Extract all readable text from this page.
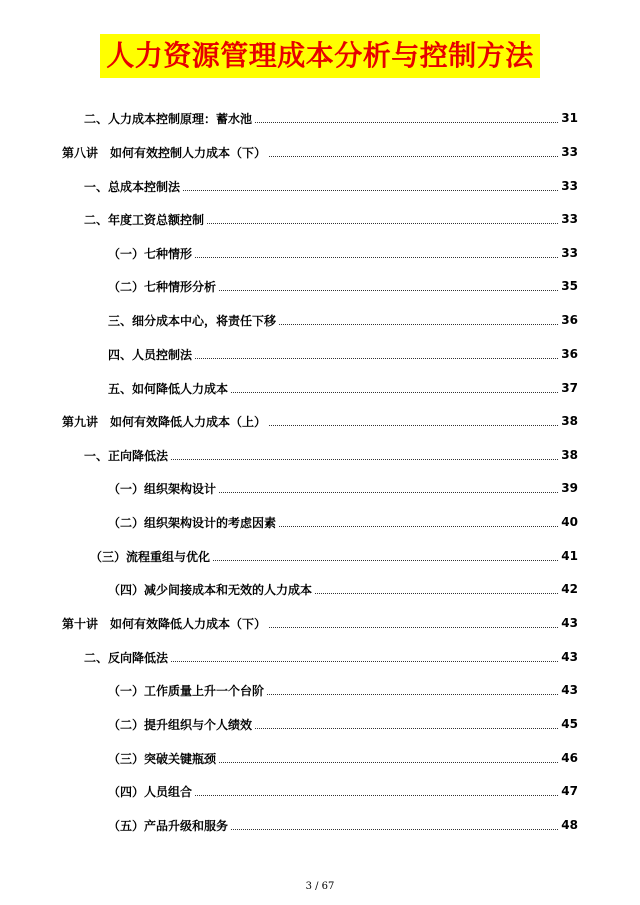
人力资源管理成本分析与控制方法
二、人力成本控制原理：蓄水池	31
第八讲　如何有效控制人力成本（下）	33
一、总成本控制法	33
二、年度工资总额控制	33
（一）七种情形	33
（二）七种情形分析	35
三、细分成本中心，将责任下移	36
四、人员控制法	36
五、如何降低人力成本	37
第九讲　如何有效降低人力成本（上）	38
一、正向降低法	38
（一）组织架构设计	39
（二）组织架构设计的考虑因素	40
（三）流程重组与优化	41
（四）减少间接成本和无效的人力成本	42
第十讲　如何有效降低人力成本（下）	43
二、反向降低法	43
（一）工作质量上升一个台阶	43
（二）提升组织与个人绩效	45
（三）突破关键瓶颈	46
（四）人员组合	47
（五）产品升级和服务	48
3 / 67
